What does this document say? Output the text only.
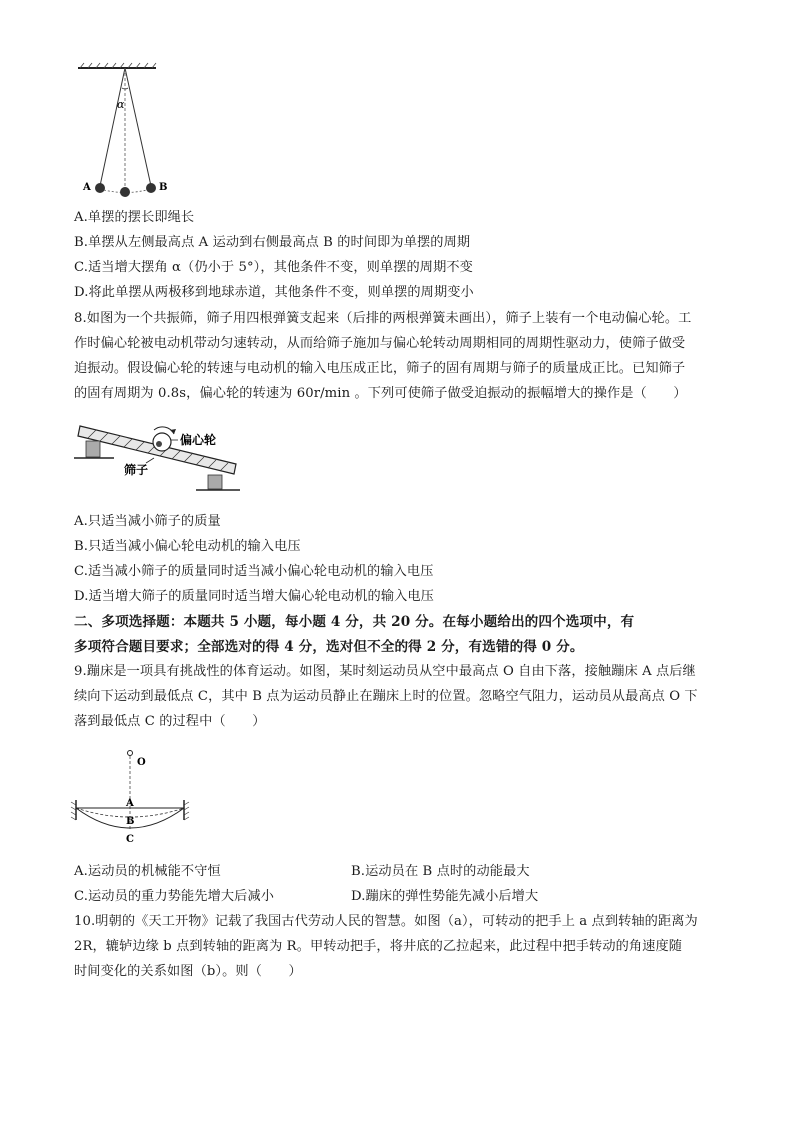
α
A	B
A.单摆的摆长即绳长
B.单摆从左侧最高点 A 运动到右侧最高点 B 的时间即为单摆的周期
C.适当增大摆角 α（仍小于 5°），其他条件不变，则单摆的周期不变
D.将此单摆从两极移到地球赤道，其他条件不变，则单摆的周期变小
8.如图为一个共振筛，筛子用四根弹簧支起来（后排的两根弹簧未画出），筛子上装有一个电动偏心轮。工
作时偏心轮被电动机带动匀速转动，从而给筛子施加与偏心轮转动周期相同的周期性驱动力，使筛子做受
迫振动。假设偏心轮的转速与电动机的输入电压成正比，筛子的固有周期与筛子的质量成正比。已知筛子
的固有周期为 0.8s，偏心轮的转速为 60r/min 。下列可使筛子做受迫振动的振幅增大的操作是（　　）
偏心轮
筛子
A.只适当减小筛子的质量
B.只适当减小偏心轮电动机的输入电压
C.适当减小筛子的质量同时适当减小偏心轮电动机的输入电压
D.适当增大筛子的质量同时适当增大偏心轮电动机的输入电压
二、多项选择题：本题共 5 小题，每小题 4 分，共 20 分。在每小题给出的四个选项中，有
多项符合题目要求；全部选对的得 4 分，选对但不全的得 2 分，有选错的得 0 分。
9.蹦床是一项具有挑战性的体育运动。如图，某时刻运动员从空中最高点 O 自由下落，接触蹦床 A 点后继
续向下运动到最低点 C，其中 B 点为运动员静止在蹦床上时的位置。忽略空气阻力，运动员从最高点 O 下
落到最低点 C 的过程中（　　）
O
A
B
C
A.运动员的机械能不守恒	B.运动员在 B 点时的动能最大
C.运动员的重力势能先增大后减小	D.蹦床的弹性势能先减小后增大
10.明朝的《天工开物》记载了我国古代劳动人民的智慧。如图（a），可转动的把手上 a 点到转轴的距离为
2R，辘轳边缘 b 点到转轴的距离为 R。甲转动把手，将井底的乙拉起来，此过程中把手转动的角速度随
时间变化的关系如图（b）。则（　　）
